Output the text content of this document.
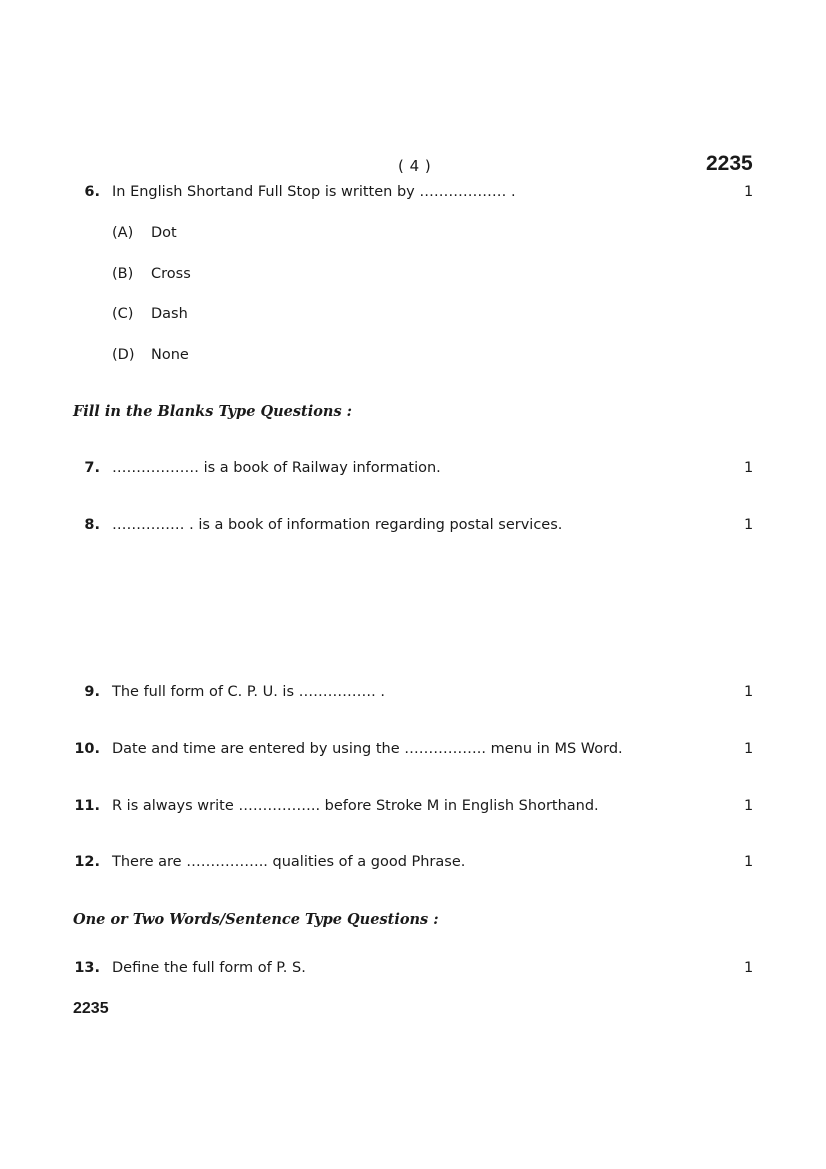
( 4 )	2235
6. In English Shortand Full Stop is written by ……………… .	1
(A) Dot
(B) Cross
(C) Dash
(D) None
Fill in the Blanks Type Questions :
7. ……………… is a book of Railway information.	1
8. …………… . is a book of information regarding postal services.	1
9. The full form of C. P. U. is ……………. .	1
10. Date and time are entered by using the …………….. menu in MS Word.	1
11. R is always write …………….. before Stroke M in English Shorthand.	1
12. There are …………….. qualities of a good Phrase.	1
One or Two Words/Sentence Type Questions :
13. Define the full form of P. S.	1
2235
